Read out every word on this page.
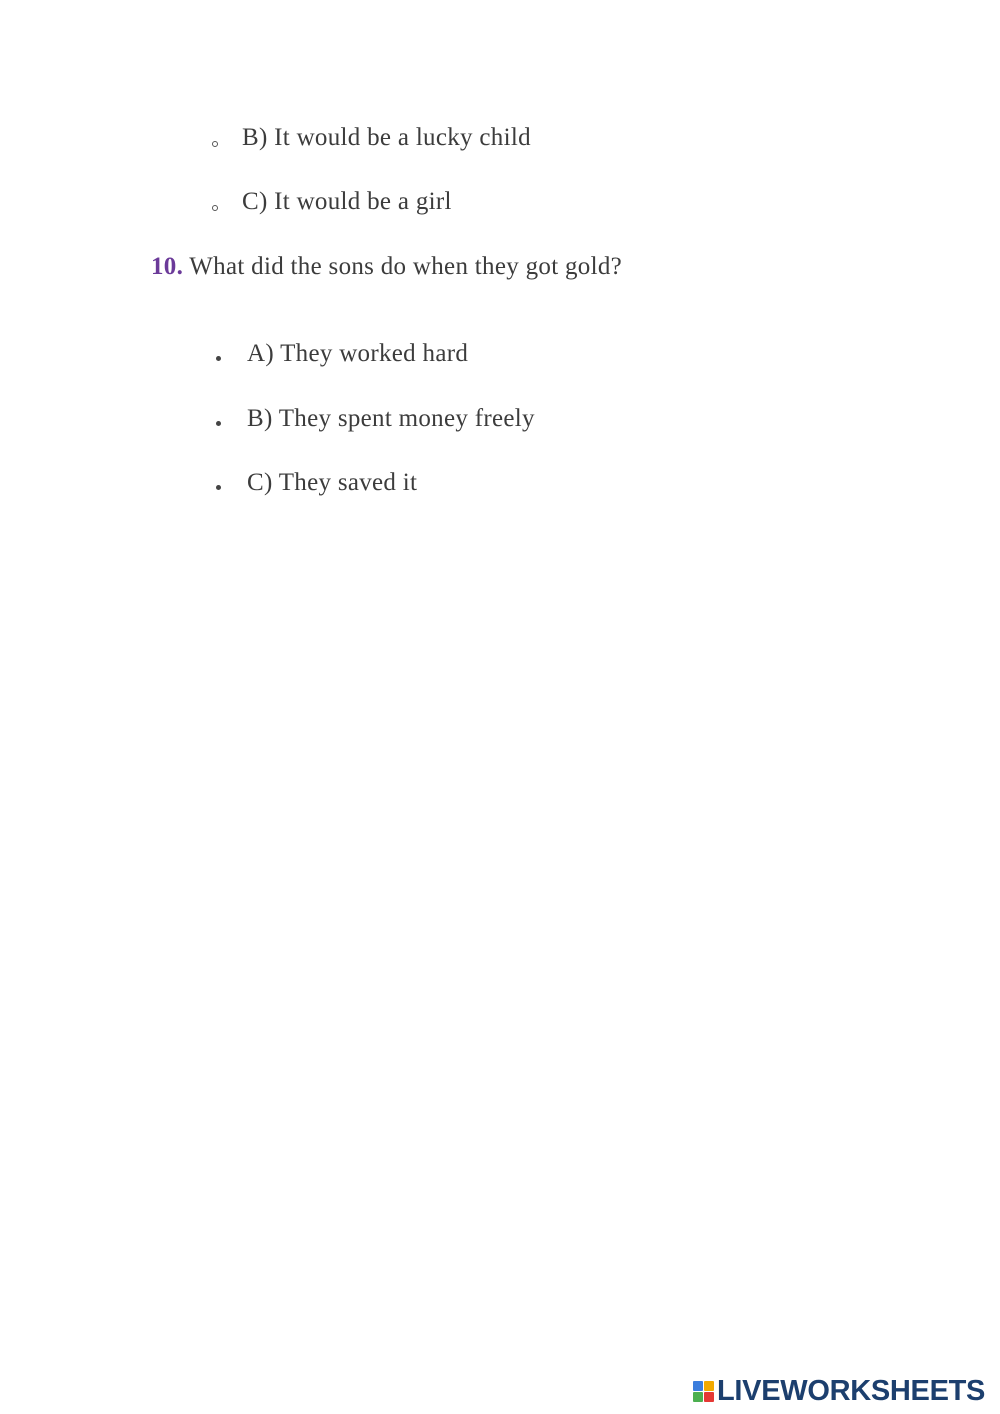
B) It would be a lucky child
C) It would be a girl
10. What did the sons do when they got gold?
A) They worked hard
B) They spent money freely
C) They saved it
LIVEWORKSHEETS
